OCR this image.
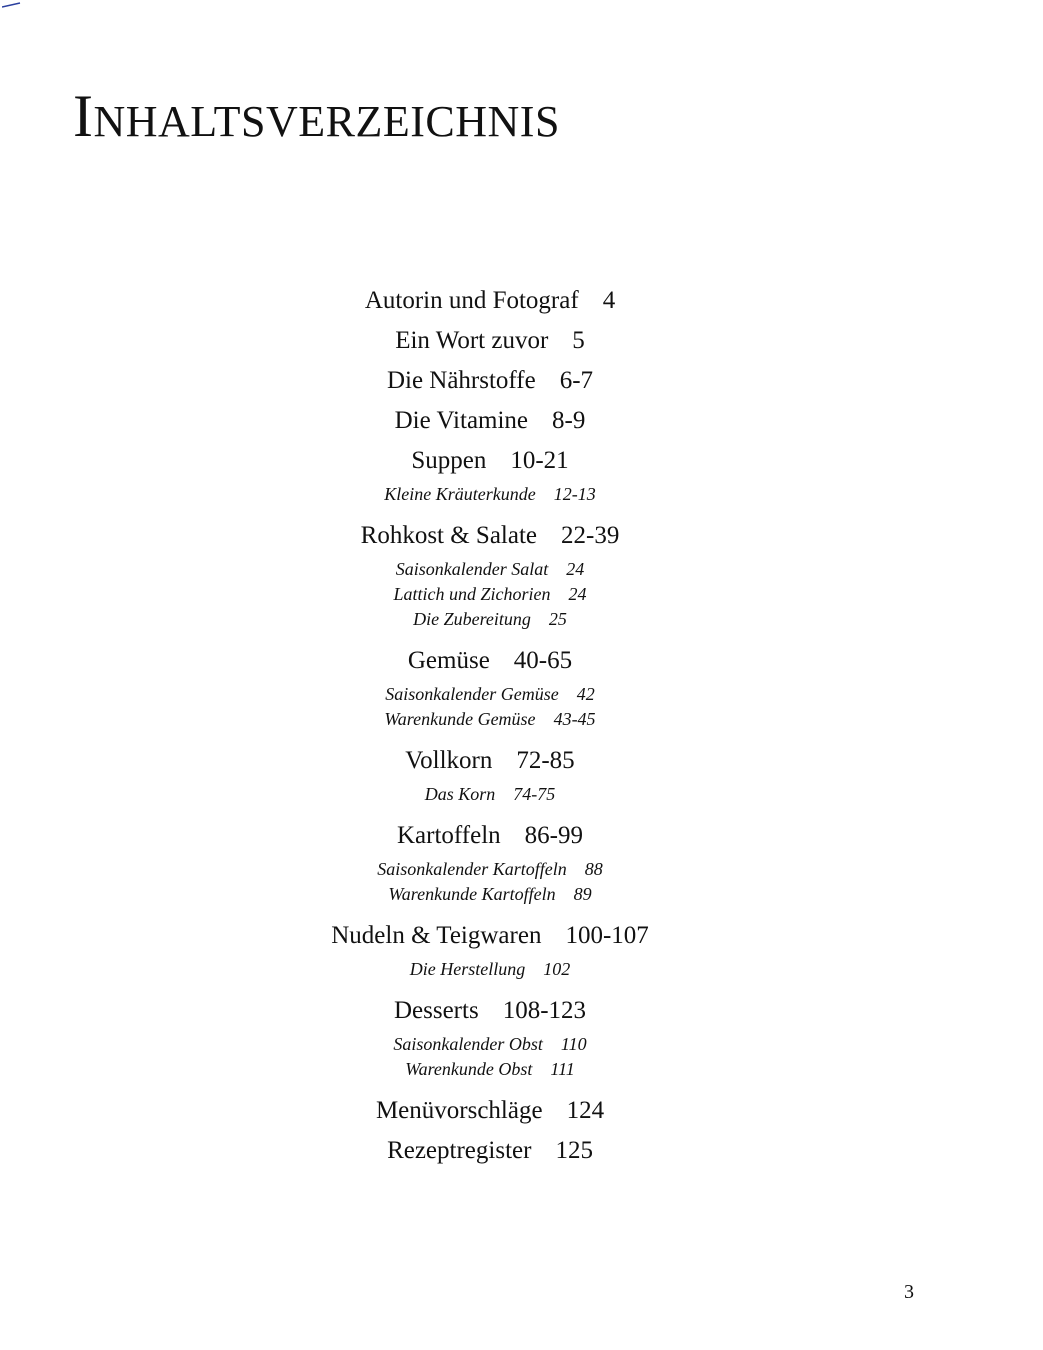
INHALTSVERZEICHNIS
Autorin und Fotograf 4
Ein Wort zuvor 5
Die Nährstoffe 6-7
Die Vitamine 8-9
Suppen 10-21
Kleine Kräuterkunde 12-13
Rohkost & Salate 22-39
Saisonkalender Salat 24
Lattich und Zichorien 24
Die Zubereitung 25
Gemüse 40-65
Saisonkalender Gemüse 42
Warenkunde Gemüse 43-45
Vollkorn 72-85
Das Korn 74-75
Kartoffeln 86-99
Saisonkalender Kartoffeln 88
Warenkunde Kartoffeln 89
Nudeln & Teigwaren 100-107
Die Herstellung 102
Desserts 108-123
Saisonkalender Obst 110
Warenkunde Obst 111
Menüvorschläge 124
Rezeptregister 125
3
